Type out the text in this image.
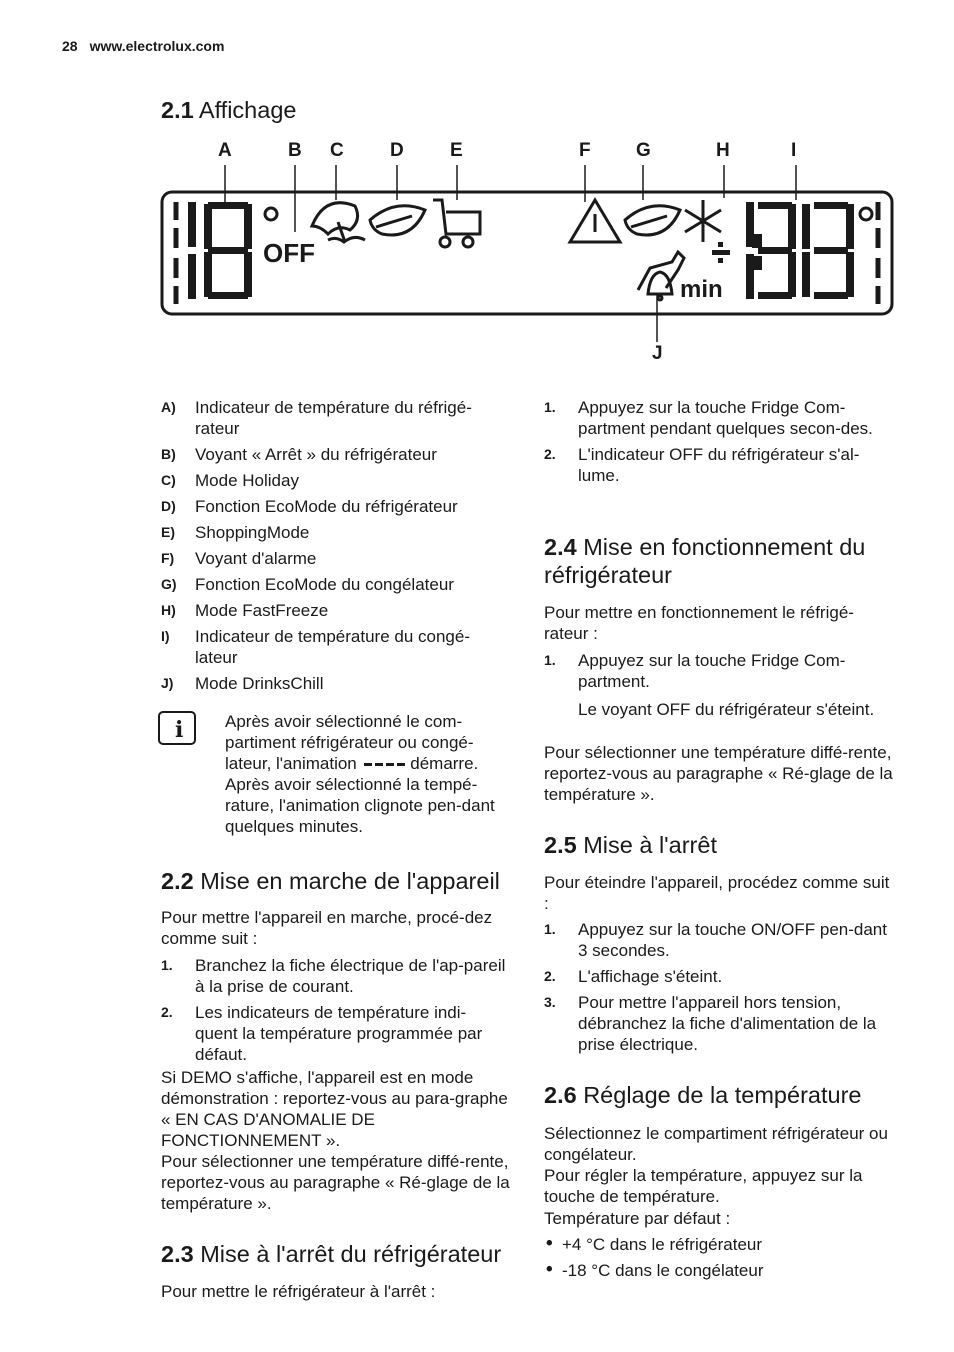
28 www.electrolux.com
2.1 Affichage
OFF
min
A	B C D E	F G	H	I
J
A) Indicateur de température du réfrigé-rateur
B) Voyant « Arrêt » du réfrigérateur
C) Mode Holiday
D) Fonction EcoMode du réfrigérateur
E) ShoppingMode
F) Voyant d'alarme
G) Fonction EcoMode du congélateur
H) Mode FastFreeze
I) Indicateur de température du congé-lateur
J) Mode DrinksChill
i Après avoir sélectionné le com-partiment réfrigérateur ou congé-lateur, l'animation	démarre. Après avoir sélectionné la tempé-rature, l'animation clignote pen-dant quelques minutes.

2.2 Mise en marche de l'appareil

Pour mettre l'appareil en marche, procé-dez comme suit :

1. Branchez la fiche électrique de l'ap-pareil à la prise de courant.
2. Les indicateurs de température indi-quent la température programmée par défaut.

Si DEMO s'affiche, l'appareil est en mode démonstration : reportez-vous au para-graphe « EN CAS D'ANOMALIE DE FONCTIONNEMENT ».

Pour sélectionner une température diffé-rente, reportez-vous au paragraphe « Ré-glage de la température ».

2.3 Mise à l'arrêt du réfrigérateur

Pour mettre le réfrigérateur à l'arrêt :

1. Appuyez sur la touche Fridge Com-partment pendant quelques secon-des.
2. L'indicateur OFF du réfrigérateur s'al-lume.
2.4 Mise en fonctionnement du réfrigérateur

Pour mettre en fonctionnement le réfrigé-rateur :

1. Appuyez sur la touche Fridge Com-partment.

Le voyant OFF du réfrigérateur s'éteint.

Pour sélectionner une température diffé-rente, reportez-vous au paragraphe « Ré-glage de la température ».

2.5 Mise à l'arrêt

Pour éteindre l'appareil, procédez comme suit :

1. Appuyez sur la touche ON/OFF pen-dant 3 secondes.
2. L'affichage s'éteint.
3. Pour mettre l'appareil hors tension, débranchez la fiche d'alimentation de la prise électrique.
2.6 Réglage de la température

Sélectionnez le compartiment réfrigérateur ou congélateur.

Pour régler la température, appuyez sur la touche de température.

Température par défaut :

• +4 °C dans le réfrigérateur
• -18 °C dans le congélateur
